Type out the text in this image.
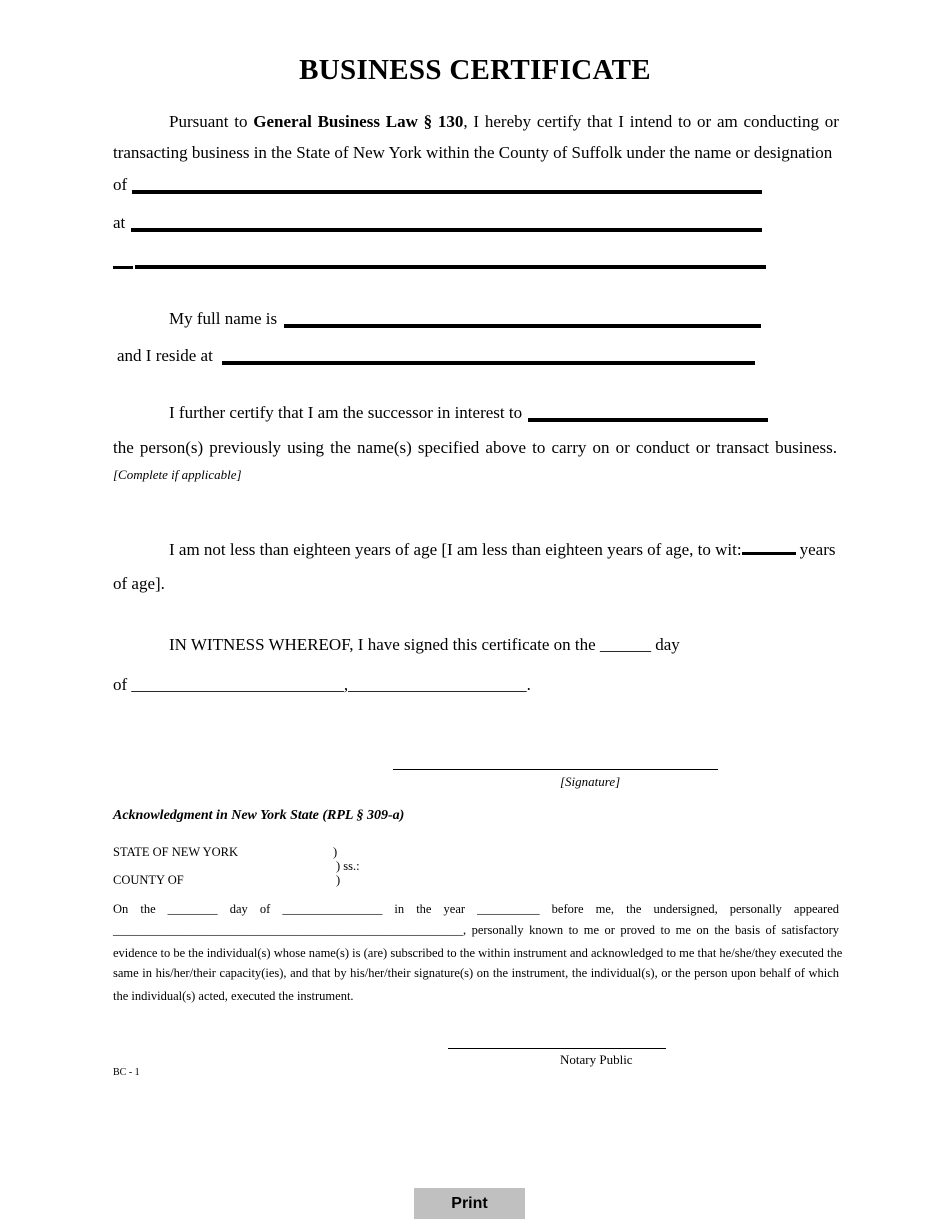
BUSINESS CERTIFICATE
Pursuant to General Business Law § 130, I hereby certify that I intend to or am conducting or
transacting business in the State of New York within the County of Suffolk under the name or designation
of
at
My full name is
and I reside at
I further certify that I am the successor in interest to
the person(s) previously using the name(s) specified above to carry on or conduct or transact business.
[Complete if applicable]
I am not less than eighteen years of age [I am less than eighteen years of age, to wit:	years
of age].
IN WITNESS WHEREOF, I have signed this certificate on the ______ day
of _________________________,_____________________.
[Signature]
Acknowledgment in New York State (RPL § 309-a)
STATE OF NEW YORK	)
) ss.:
COUNTY OF	)
On the ________ day of ________________ in the year __________ before me, the undersigned, personally appeared
________________________________________________________, personally known to me or proved to me on the basis of satisfactory
evidence to be the individual(s) whose name(s) is (are) subscribed to the within instrument and acknowledged to me that he/she/they executed the
same in his/her/their capacity(ies), and that by his/her/their signature(s) on the instrument, the individual(s), or the person upon behalf of which
the individual(s) acted, executed the instrument.
Notary Public
BC - 1
Print
